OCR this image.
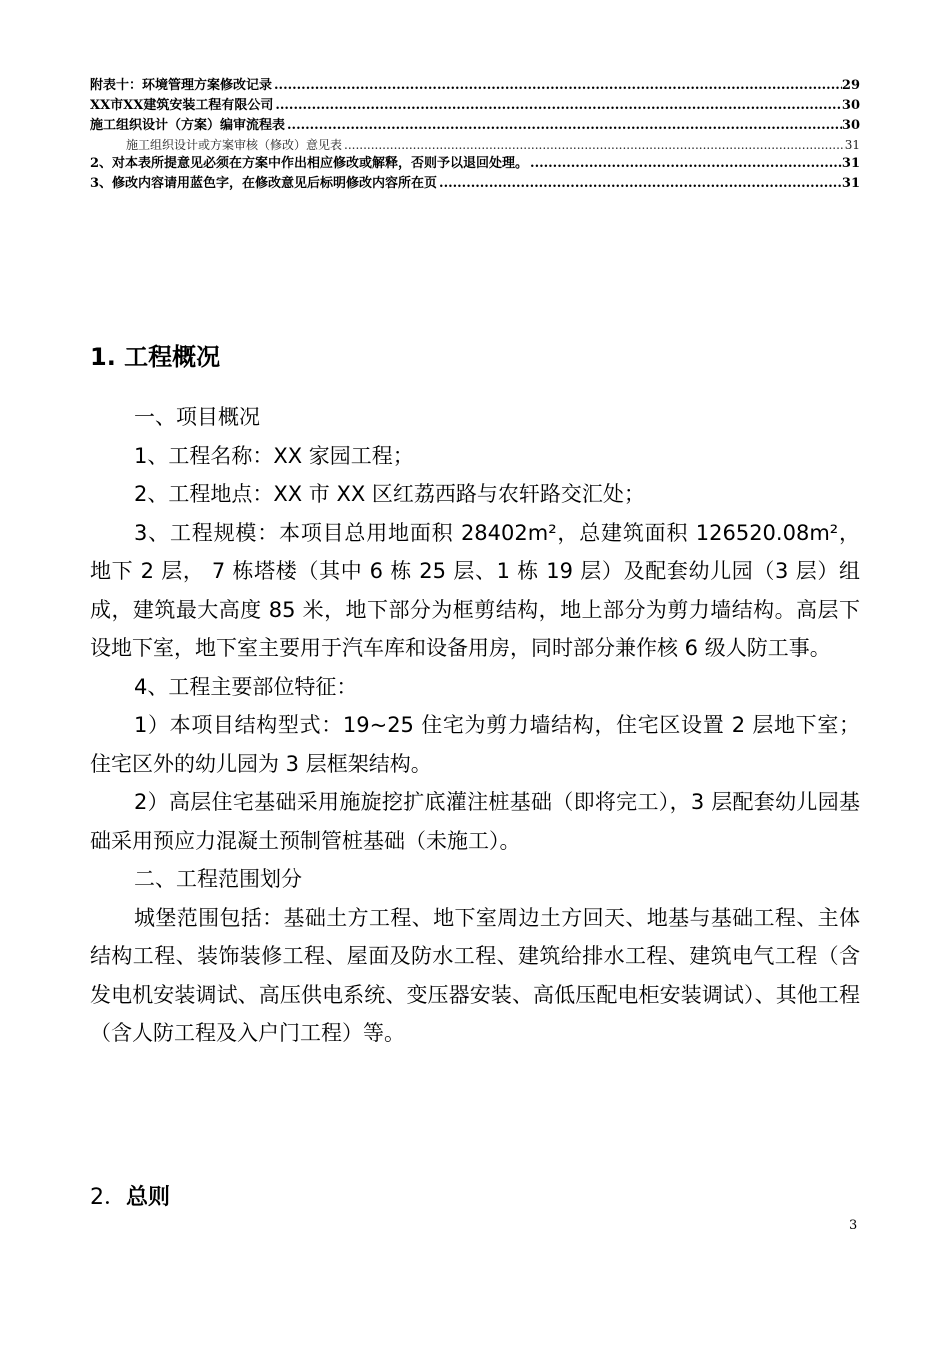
附表十：环境管理方案修改记录 .....	29
XX市XX建筑安装工程有限公司 .....	30
施工组织设计（方案）编审流程表 .....	30
施工组织设计或方案审核（修改）意见表 .....	31
2、对本表所提意见必须在方案中作出相应修改或解释，否则予以退回处理。 .....	31
3、修改内容请用蓝色字，在修改意见后标明修改内容所在页 .....	31
1. 工程概况

一、项目概况

1、工程名称：XX 家园工程；

2、工程地点：XX 市 XX 区红荔西路与农轩路交汇处；

3、工程规模：本项目总用地面积 28402m²，总建筑面积 126520.08m²，地下 2 层， 7 栋塔楼（其中 6 栋 25 层、1 栋 19 层）及配套幼儿园（3 层）组成，建筑最大高度 85 米，地下部分为框剪结构，地上部分为剪力墙结构。高层下设地下室，地下室主要用于汽车库和设备用房，同时部分兼作核 6 级人防工事。

4、工程主要部位特征：

1）本项目结构型式：19~25 住宅为剪力墙结构，住宅区设置 2 层地下室；住宅区外的幼儿园为 3 层框架结构。

2）高层住宅基础采用施旋挖扩底灌注桩基础（即将完工），3 层配套幼儿园基础采用预应力混凝土预制管桩基础（未施工）。

二、工程范围划分

城堡范围包括：基础土方工程、地下室周边土方回天、地基与基础工程、主体结构工程、装饰装修工程、屋面及防水工程、建筑给排水工程、建筑电气工程（含发电机安装调试、高压供电系统、变压器安装、高低压配电柜安装调试）、其他工程（含人防工程及入户门工程）等。

2．总则
3
